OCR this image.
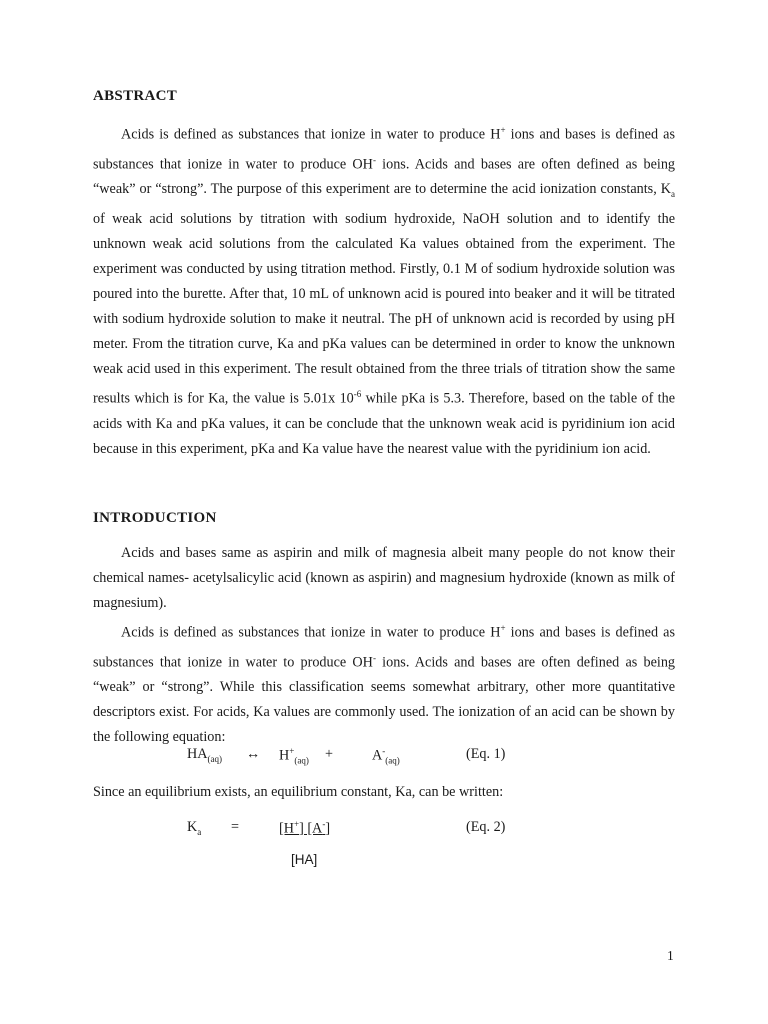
ABSTRACT

Acids is defined as substances that ionize in water to produce H+ ions and bases is defined as substances that ionize in water to produce OH- ions. Acids and bases are often defined as being “weak” or “strong”. The purpose of this experiment are to determine the acid ionization constants, $K_a$ of weak acid solutions by titration with sodium hydroxide, NaOH solution and to identify the unknown weak acid solutions from the calculated Ka values obtained from the experiment. The experiment was conducted by using titration method. Firstly, 0.1 M of sodium hydroxide solution was poured into the burette. After that, 10 mL of unknown acid is poured into beaker and it will be titrated with sodium hydroxide solution to make it neutral. The pH of unknown acid is recorded by using pH meter. From the titration curve, Ka and pKa values can be determined in order to know the unknown weak acid used in this experiment. The result obtained from the three trials of titration show the same results which is for Ka, the value is 5.01x $10^{-6}$ while pKa is 5.3. Therefore, based on the table of the acids with Ka and pKa values, it can be conclude that the unknown weak acid is pyridinium ion acid because in this experiment, pKa and Ka value have the nearest value with the pyridinium ion acid.

INTRODUCTION

Acids and bases same as aspirin and milk of magnesia albeit many people do not know their chemical names- acetylsalicylic acid (known as aspirin) and magnesium hydroxide (known as milk of magnesium).

Acids is defined as substances that ionize in water to produce H+ ions and bases is defined as substances that ionize in water to produce OH- ions. Acids and bases are often defined as being “weak” or “strong”. While this classification seems somewhat arbitrary, other more quantitative descriptors exist. For acids, Ka values are commonly used. The ionization of an acid can be shown by the following equation:

$HA_{(aq)}$ ↔ $H^+_{(aq)}$ +	$A^-_{(aq)}$	(Eq. 1)
Since an equilibrium exists, an equilibrium constant, Ka, can be written:
$K_a$ =	[H+] [A-]	(Eq. 2)
[HA]
1
